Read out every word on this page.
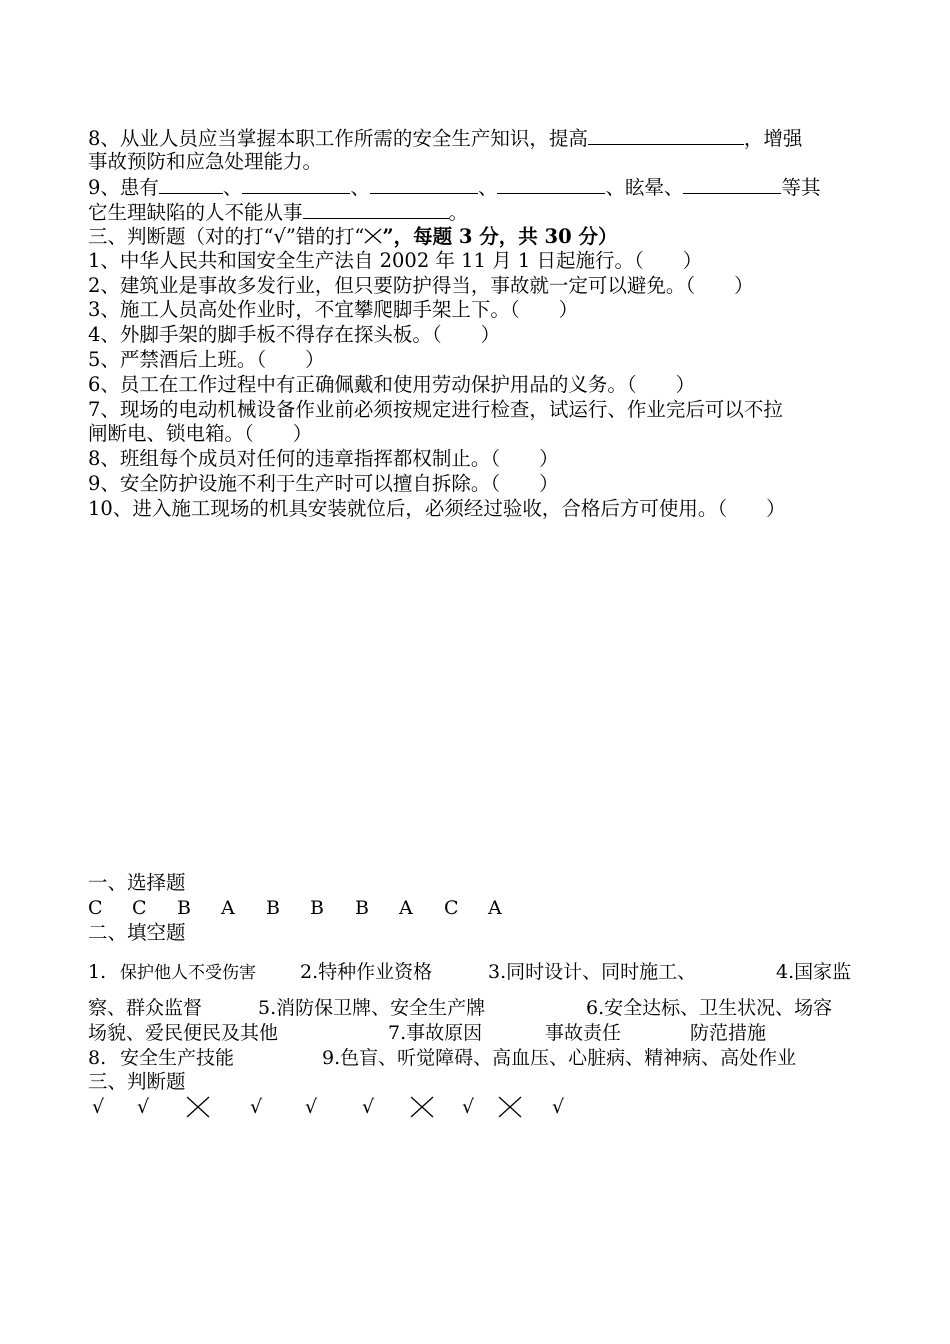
8、从业人员应当掌握本职工作所需的安全生产知识，提高	，增强
事故预防和应急处理能力。
9、患有	、	、	、	、眩晕、	等其
它生理缺陷的人不能从事	。
三、判断题（对的打“√”错的打“ ”，每题 3 分，共 30 分）
1、中华人民共和国安全生产法自 2002 年 11 月 1 日起施行。（　　）
2、建筑业是事故多发行业，但只要防护得当，事故就一定可以避免。（　　）
3、施工人员高处作业时，不宜攀爬脚手架上下。（　　）
4、外脚手架的脚手板不得存在探头板。（　　）
5、严禁酒后上班。（　　）
6、员工在工作过程中有正确佩戴和使用劳动保护用品的义务。（　　）
7、现场的电动机械设备作业前必须按规定进行检查，试运行、作业完后可以不拉
闸断电、锁电箱。（　　）
8、班组每个成员对任何的违章指挥都权制止。（　　）
9、安全防护设施不利于生产时可以擅自拆除。（　　）
10、进入施工现场的机具安装就位后，必须经过验收，合格后方可使用。（　　）
一、选择题
C C B A B B B A C A
二、填空题
1. 保护他人不受伤害 2.特种作业资格	3.同时设计、同时施工、	4.国家监
察、群众监督	5.消防保卫牌、安全生产牌	6.安全达标、卫生状况、场容
场貌、爱民便民及其他	7.事故原因	事故责任	防范措施
8. 安全生产技能	9.色盲、听觉障碍、高血压、心脏病、精神病、高处作业
三、判断题
√ √	√ √ √	√	√
